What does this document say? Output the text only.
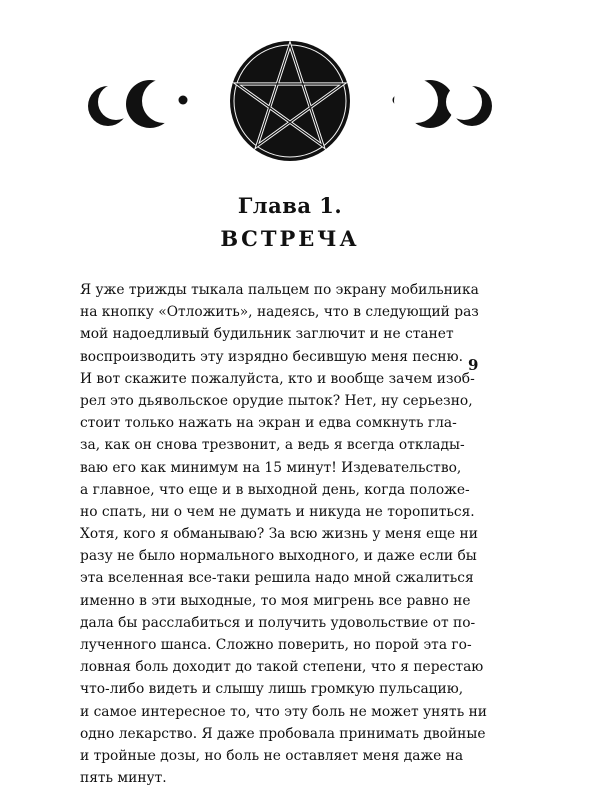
Глава 1.
ВСТРЕЧА

Я уже трижды тыкала пальцем по экрану мобильника
на кнопку «Отложить», надеясь, что в следующий раз
мой надоедливый будильник заглючит и не станет
воспроизводить эту изрядно бесившую меня песню.
И вот скажите пожалуйста, кто и вообще зачем изоб-
рел это дьявольское орудие пыток? Нет, ну серьезно,
стоит только нажать на экран и едва сомкнуть гла-
за, как он снова трезвонит, а ведь я всегда отклады-
ваю его как минимум на 15 минут! Издевательство,
а главное, что еще и в выходной день, когда положе-
но спать, ни о чем не думать и никуда не торопиться.
Хотя, кого я обманываю? За всю жизнь у меня еще ни
разу не было нормального выходного, и даже если бы
эта вселенная все-таки решила надо мной сжалиться
именно в эти выходные, то моя мигрень все равно не
дала бы расслабиться и получить удовольствие от по-
лученного шанса. Сложно поверить, но порой эта го-
ловная боль доходит до такой степени, что я перестаю
что-либо видеть и слышу лишь громкую пульсацию,
и самое интересное то, что эту боль не может унять ни
одно лекарство. Я даже пробовала принимать двойные
и тройные дозы, но боль не оставляет меня даже на
пять минут.

9
